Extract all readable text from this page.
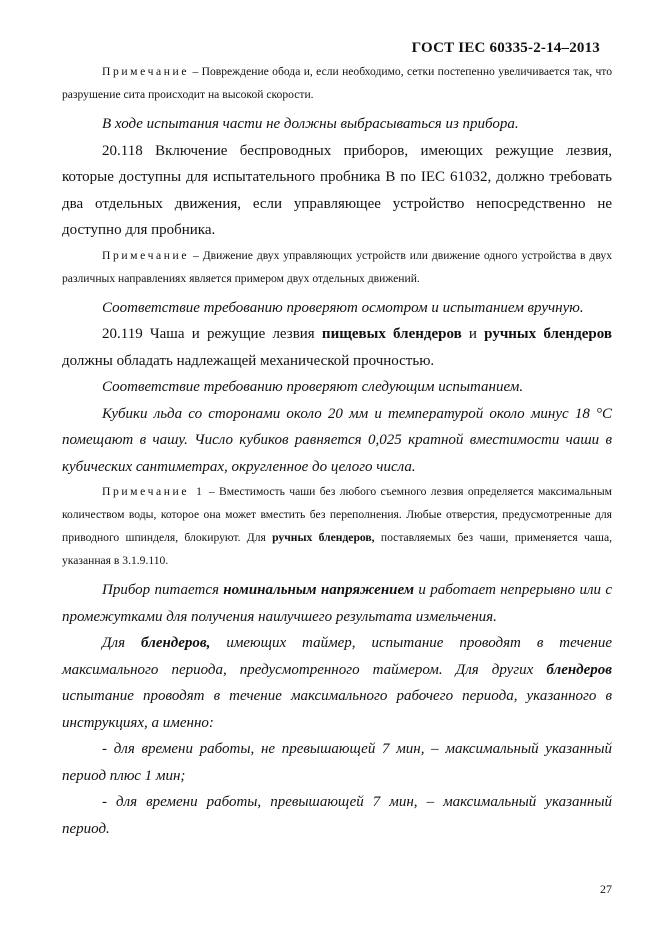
ГОСТ IEC 60335-2-14–2013

Примечание – Повреждение обода и, если необходимо, сетки постепенно увеличивается так, что разрушение сита происходит на высокой скорости.

В ходе испытания части не должны выбрасываться из прибора.

20.118 Включение беспроводных приборов, имеющих режущие лезвия, которые доступны для испытательного пробника B по IEC 61032, должно требовать два отдельных движения, если управляющее устройство непосредственно не доступно для пробника.

Примечание – Движение двух управляющих устройств или движение одного устройства в двух различных направлениях является примером двух отдельных движений.

Соответствие требованию проверяют осмотром и испытанием вручную.

20.119 Чаша и режущие лезвия пищевых блендеров и ручных блендеров должны обладать надлежащей механической прочностью.

Соответствие требованию проверяют следующим испытанием.

Кубики льда со сторонами около 20 мм и температурой около минус 18 °С помещают в чашу. Число кубиков равняется 0,025 кратной вместимости чаши в кубических сантиметрах, округленное до целого числа.

Примечание 1 – Вместимость чаши без любого съемного лезвия определяется максимальным количеством воды, которое она может вместить без переполнения. Любые отверстия, предусмотренные для приводного шпинделя, блокируют. Для ручных блендеров, поставляемых без чаши, применяется чаша, указанная в 3.1.9.110.

Прибор питается номинальным напряжением и работает непрерывно или с промежутками для получения наилучшего результата измельчения.

Для блендеров, имеющих таймер, испытание проводят в течение максимального периода, предусмотренного таймером. Для других блендеров испытание проводят в течение максимального рабочего периода, указанного в инструкциях, а именно:

- для времени работы, не превышающей 7 мин, – максимальный указанный период плюс 1 мин;

- для времени работы, превышающей 7 мин, – максимальный указанный период.

27
